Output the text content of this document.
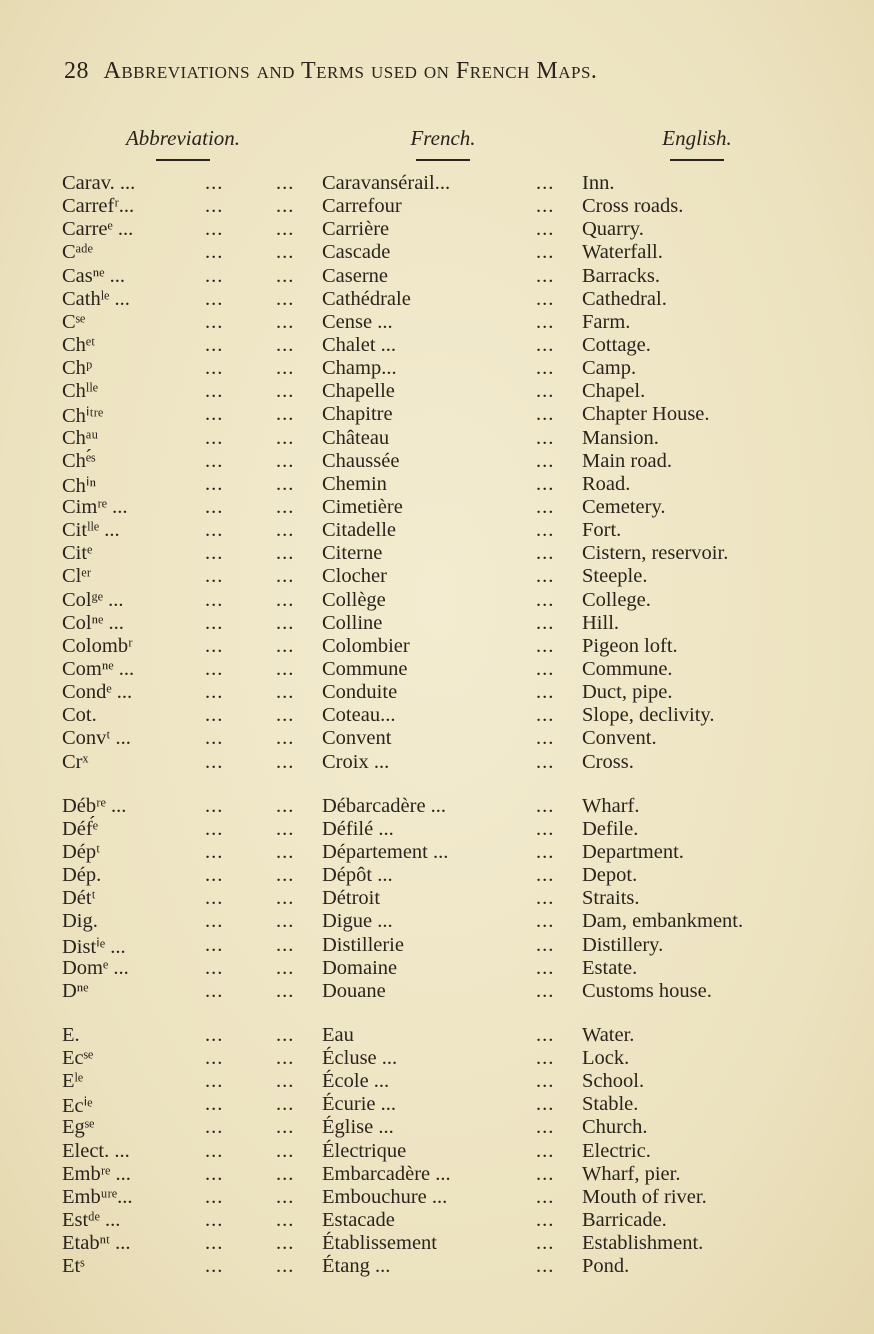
28 Abbreviations and Terms used on French Maps.
Abbreviation.	French.	English.
Carav. ...	...	... Caravansérail...	... Inn.
Carrefʳ...	...	... Carrefour	... Cross roads.
Carreᵉ ...	...	... Carrière	... Quarry.
Cᵃᵈᵉ	...	... Cascade	... Waterfall.
Casⁿᵉ ...	...	... Caserne	... Barracks.
Cathˡᵉ ...	...	... Cathédrale	... Cathedral.
Cˢᵉ	...	... Cense ...	... Farm.
Chᵉᵗ	...	... Chalet ...	... Cottage.
Chᵖ	...	... Champ...	... Camp.
Chˡˡᵉ	...	... Chapelle	... Chapel.
Chⁱᵗʳᵉ	...	... Chapitre	... Chapter House.
Chᵃᵘ	...	... Château	... Mansion.
Chᵉ́ˢ	...	... Chaussée	... Main road.
Chⁱⁿ	...	... Chemin	... Road.
Cimʳᵉ ...	...	... Cimetière	... Cemetery.
Citˡˡᵉ ...	...	... Citadelle	... Fort.
Citᵉ	...	... Citerne	... Cistern, reservoir.
Clᵉʳ	...	... Clocher	... Steeple.
Colᵍᵉ ...	...	... Collège	... College.
Colⁿᵉ ...	...	... Colline	... Hill.
Colombʳ	...	... Colombier	... Pigeon loft.
Comⁿᵉ ...	...	... Commune	... Commune.
Condᵉ ...	...	... Conduite	... Duct, pipe.
Cot.	...	... Coteau...	... Slope, declivity.
Convᵗ ...	...	... Convent	... Convent.
Crˣ	...	... Croix ...	... Cross.
Débʳᵉ ...	...	... Débarcadère ...	... Wharf.
Déf́ᵉ	...	... Défilé ...	... Defile.
Dépᵗ	...	... Département ...	... Department.
Dép.	...	... Dépôt ...	... Depot.
Détᵗ	...	... Détroit	... Straits.
Dig.	...	... Digue ...	... Dam, embankment.
Distⁱᵉ ...	...	... Distillerie	... Distillery.
Domᵉ ...	...	... Domaine	... Estate.
Dⁿᵉ	...	... Douane	... Customs house.
E.	...	... Eau	... Water.
Ecˢᵉ	...	... Écluse ...	... Lock.
Eˡᵉ	...	... École ...	... School.
Ecⁱᵉ	...	... Écurie ...	... Stable.
Egˢᵉ	...	... Église ...	... Church.
Elect. ...	...	... Électrique	... Electric.
Embʳᵉ ...	...	... Embarcadère ...	... Wharf, pier.
Embᵘʳᵉ...	...	... Embouchure ...	... Mouth of river.
Estᵈᵉ ...	...	... Estacade	... Barricade.
Etabⁿᵗ ...	...	... Établissement	... Establishment.
Etˢ	...	... Étang ...	... Pond.
